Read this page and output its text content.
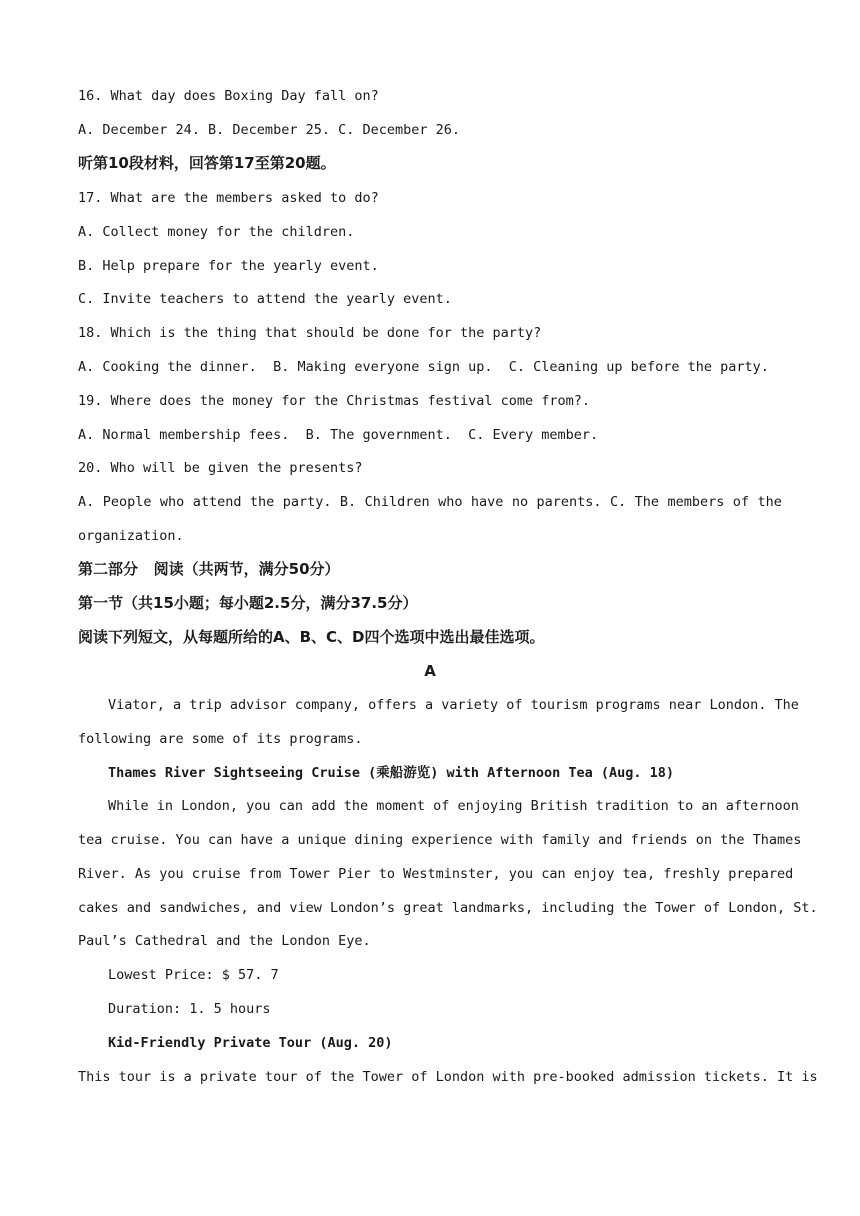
16. What day does Boxing Day fall on?
A. December 24. B. December 25. C. December 26.
听第10段材料，回答第17至第20题。
17. What are the members asked to do?
A. Collect money for the children.
B. Help prepare for the yearly event.
C. Invite teachers to attend the yearly event.
18. Which is the thing that should be done for the party?
A. Cooking the dinner.  B. Making everyone sign up.  C. Cleaning up before the party.
19. Where does the money for the Christmas festival come from?.
A. Normal membership fees.  B. The government.  C. Every member.
20. Who will be given the presents?
A. People who attend the party. B. Children who have no parents. C. The members of the
organization.
第二部分   阅读（共两节，满分50分）
第一节（共15小题；每小题2.5分，满分37.5分）
阅读下列短文，从每题所给的A、B、C、D四个选项中选出最佳选项。
A
Viator, a trip advisor company, offers a variety of tourism programs near London. The
following are some of its programs.
Thames River Sightseeing Cruise (乘船游览) with Afternoon Tea (Aug. 18)
While in London, you can add the moment of enjoying British tradition to an afternoon
tea cruise. You can have a unique dining experience with family and friends on the Thames
River. As you cruise from Tower Pier to Westminster, you can enjoy tea, freshly prepared
cakes and sandwiches, and view London’s great landmarks, including the Tower of London, St.
Paul’s Cathedral and the London Eye.
Lowest Price: $ 57. 7
Duration: 1. 5 hours
Kid-Friendly Private Tour (Aug. 20)
This tour is a private tour of the Tower of London with pre-booked admission tickets. It is
